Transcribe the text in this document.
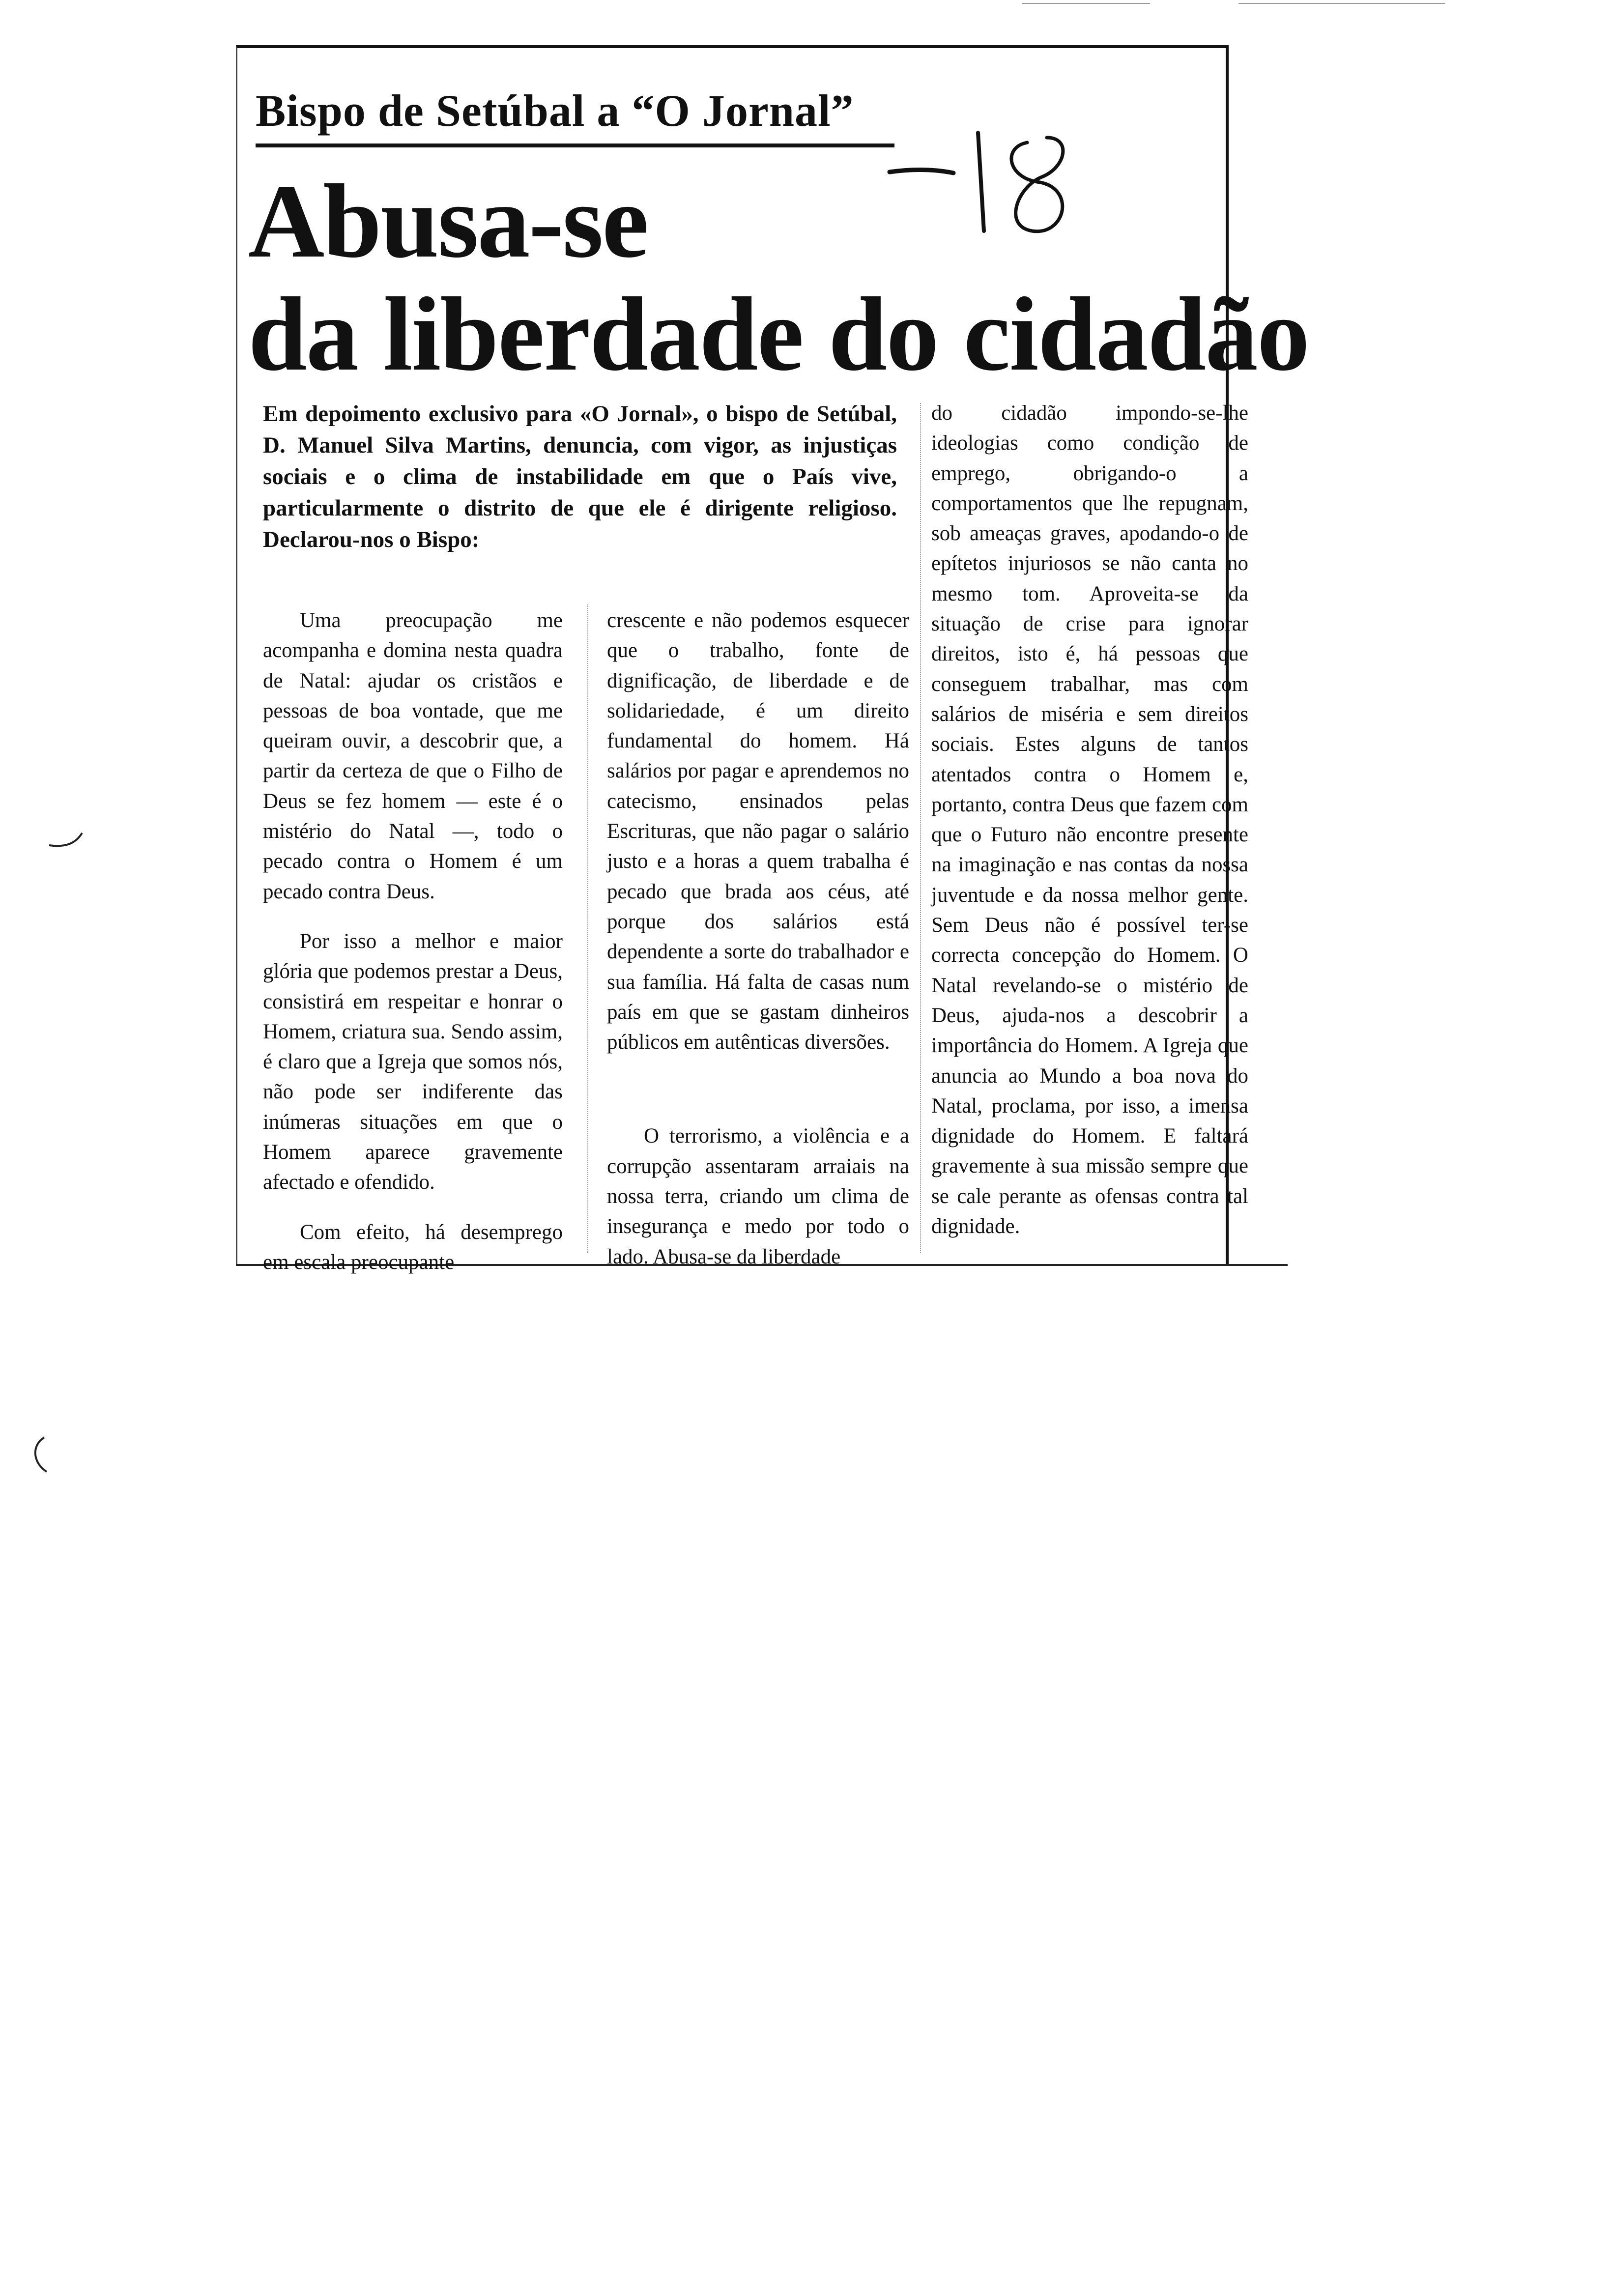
Bispo de Setúbal a “O Jornal”
Abusa-se
da liberdade do cidadão
-18
Em depoimento exclusivo para «O Jornal», o bispo de Setúbal, D. Manuel Silva Martins, denuncia, com vigor, as injustiças sociais e o clima de instabilidade em que o País vive, particularmente o distrito de que ele é dirigente religioso. Declarou-nos o Bispo:

Uma preocupação me acompanha e domina nesta quadra de Natal: ajudar os cristãos e pessoas de boa vontade, que me queiram ouvir, a descobrir que, a partir da certeza de que o Filho de Deus se fez homem — este é o mistério do Natal —, todo o pecado contra o Homem é um pecado contra Deus.

Por isso a melhor e maior glória que podemos prestar a Deus, consistirá em respeitar e honrar o Homem, criatura sua. Sendo assim, é claro que a Igreja que somos nós, não pode ser indiferente das inúmeras situações em que o Homem aparece gravemente afectado e ofendido.

Com efeito, há desemprego em escala preocupante

crescente e não podemos esquecer que o trabalho, fonte de dignificação, de liberdade e de solidariedade, é um direito fundamental do homem. Há salários por pagar e aprendemos no catecismo, ensinados pelas Escrituras, que não pagar o salário justo e a horas a quem trabalha é pecado que brada aos céus, até porque dos salários está dependente a sorte do trabalhador e sua família. Há falta de casas num país em que se gastam dinheiros públicos em autênticas diversões.

O terrorismo, a violência e a corrupção assentaram arraiais na nossa terra, criando um clima de insegurança e medo por todo o lado. Abusa-se da liberdade

do cidadão impondo-se-lhe ideologias como condição de emprego, obrigando-o a comportamentos que lhe repugnam, sob ameaças graves, apodando-o de epítetos injuriosos se não canta no mesmo tom. Aproveita-se da situação de crise para ignorar direitos, isto é, há pessoas que conseguem trabalhar, mas com salários de miséria e sem direitos sociais. Estes alguns de tantos atentados contra o Homem e, portanto, contra Deus que fazem com que o Futuro não encontre presente na imaginação e nas contas da nossa juventude e da nossa melhor gente. Sem Deus não é possível ter-se correcta concepção do Homem. O Natal revelando-se o mistério de Deus, ajuda-nos a descobrir a importância do Homem. A Igreja que anuncia ao Mundo a boa nova do Natal, proclama, por isso, a imensa dignidade do Homem. E faltará gravemente à sua missão sempre que se cale perante as ofensas contra tal dignidade.
